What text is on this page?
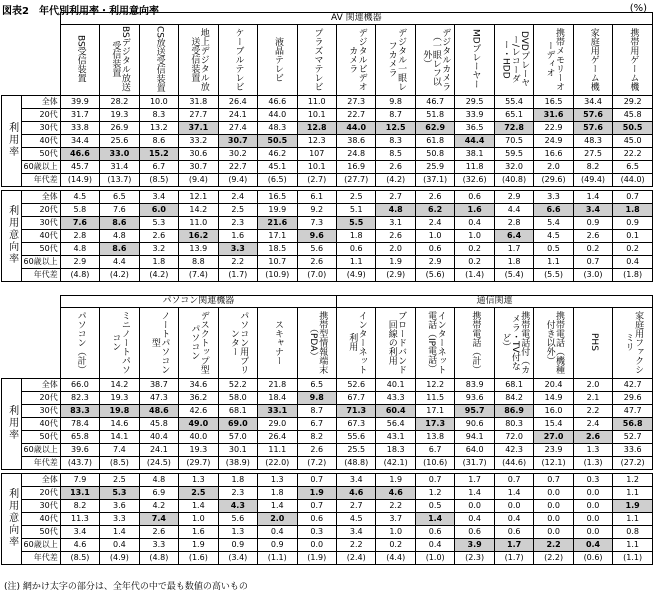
図表2　年代別利用率・利用意向率	(%)
		AV 関連機器														
		BS受信装置	BSデジタル放送受信装置	CS放送受信装置	地上デジタル放送受信装置	ケーブルテレビ	液晶テレビ	プラズマテレビ	デジタルビデオカメラ	デジタル一眼レフカメラ	デジタルカメラ（一眼レフ以外）	MDプレーヤー	DVDプレーヤー/レコーダー・HDD	携帯メモリーオーディオ	家庭用ゲーム機	携帯用ゲーム機
利用率	全体	39.9	28.2	10.0	31.8	26.4	46.6	11.0	27.3	9.8	46.7	29.5	55.4	16.5	34.4	29.2
	20代	31.7	19.3	8.3	27.7	24.1	44.0	10.1	22.7	8.7	51.8	33.9	65.1	31.6	57.6	45.8
	30代	33.8	26.9	13.2	37.1	27.4	48.3	12.8	44.0	12.5	62.9	36.5	72.8	22.9	57.6	50.5
	40代	34.4	25.6	8.6	33.2	30.7	50.5	12.3	38.6	8.3	61.8	44.4	70.5	24.9	48.3	45.0
	50代	46.6	33.0	15.2	30.6	30.2	46.2	107	24.8	8.5	50.8	38.1	59.5	16.6	27.5	22.2
	60歳以上	45.7	31.4	6.7	30.7	22.7	45.1	10.1	16.9	2.6	25.9	11.8	32.0	2.0	8.2	6.5
	年代差	(14.9)	(13.7)	(8.5)	(9.4)	(9.4)	(6.5)	(2.7)	(27.7)	(4.2)	(37.1)	(32.6)	(40.8)	(29.6)	(49.4)	(44.0)

利用意向率	全体	4.5	6.5	3.4	12.1	2.4	16.5	6.1	2.5	2.7	2.6	0.6	2.9	3.3	1.4	0.7
	20代	5.8	7.6	6.0	14.2	2.5	19.9	9.2	5.1	4.8	6.2	1.6	4.4	6.6	3.4	1.8
	30代	7.6	8.6	5.3	11.0	2.3	21.6	7.3	5.5	3.1	2.4	0.4	2.8	5.4	0.9	0.9
	40代	2.8	4.8	2.6	16.2	1.6	17.1	9.6	1.8	2.6	1.0	1.0	6.4	4.5	2.6	0.1
	50代	4.8	8.6	3.2	13.9	3.3	18.5	5.6	0.6	2.0	0.6	0.2	1.7	0.5	0.2	0.2
	60歳以上	2.9	4.4	1.8	8.8	2.2	10.7	2.6	1.1	1.9	2.9	0.2	1.8	1.1	0.7	0.4
	年代差	(4.8)	(4.2)	(4.2)	(7.4)	(1.7)	(10.9)	(7.0)	(4.9)	(2.9)	(5.6)	(1.4)	(5.4)	(5.5)	(3.0)	(1.8)
		パソコン関連機器							通信関連							
		パソコン（計）	ミニノートパソコン	ノートパソコン型	デスクトップ型パソコン	パソコン用プリンター	スキャナー	携帯型情報端末（PDA）	インターネット利用	ブロードバンド回線の利用	インターネット電話（IP電話）	携帯電話（計）	携帯電話付（カメラ・TV付など）	携帯電話（機種付き以外）	PHS	家庭用ファクシミリ
利用率	全体	66.0	14.2	38.7	34.6	52.2	21.8	6.5	52.6	40.1	12.2	83.9	68.1	20.4	2.0	42.7
	20代	82.3	19.3	47.3	36.2	58.0	18.4	9.8	67.7	43.3	11.5	93.6	84.2	14.9	2.1	29.6
	30代	83.3	19.8	48.6	42.6	68.1	33.1	8.7	71.3	60.4	17.1	95.7	86.9	16.0	2.2	47.7
	40代	78.4	14.6	45.8	49.0	69.0	29.0	6.7	67.3	56.4	17.3	90.6	80.3	15.4	2.4	56.8
	50代	65.8	14.1	40.4	40.0	57.0	26.4	8.2	55.6	43.1	13.8	94.1	72.0	27.0	2.6	52.7
	60歳以上	39.6	7.4	24.1	19.3	30.1	11.1	2.6	25.5	18.3	6.7	64.0	42.3	23.9	1.3	33.6
	年代差	(43.7)	(8.5)	(24.5)	(29.7)	(38.9)	(22.0)	(7.2)	(48.8)	(42.1)	(10.6)	(31.7)	(44.6)	(12.1)	(1.3)	(27.2)

利用意向率	全体	7.9	2.5	4.8	1.3	1.8	1.3	0.7	3.4	1.9	0.7	1.7	0.7	0.7	0.3	1.2
	20代	13.1	5.3	6.9	2.5	2.3	1.8	1.9	4.6	4.6	1.2	1.4	1.4	0.0	0.0	1.1
	30代	8.2	3.6	4.2	1.4	4.3	1.4	0.7	2.7	2.2	0.5	0.0	0.0	0.0	0.0	1.9
	40代	11.3	3.3	7.4	1.0	5.6	2.0	0.6	4.5	3.7	1.4	0.4	0.4	0.0	0.0	1.1
	50代	3.4	1.4	2.6	1.6	1.3	0.4	0.3	3.4	1.0	0.6	0.6	0.6	0.0	0.0	0.8
	60歳以上	4.6	0.4	3.3	1.9	0.9	0.9	0.0	2.2	0.2	0.4	3.9	1.7	2.2	0.4	1.1
	年代差	(8.5)	(4.9)	(4.8)	(1.6)	(3.4)	(1.1)	(1.9)	(2.4)	(4.4)	(1.0)	(2.3)	(1.7)	(2.2)	(0.6)	(1.1)
(注) 網かけ太字の部分は、全年代の中で最も数値の高いもの
